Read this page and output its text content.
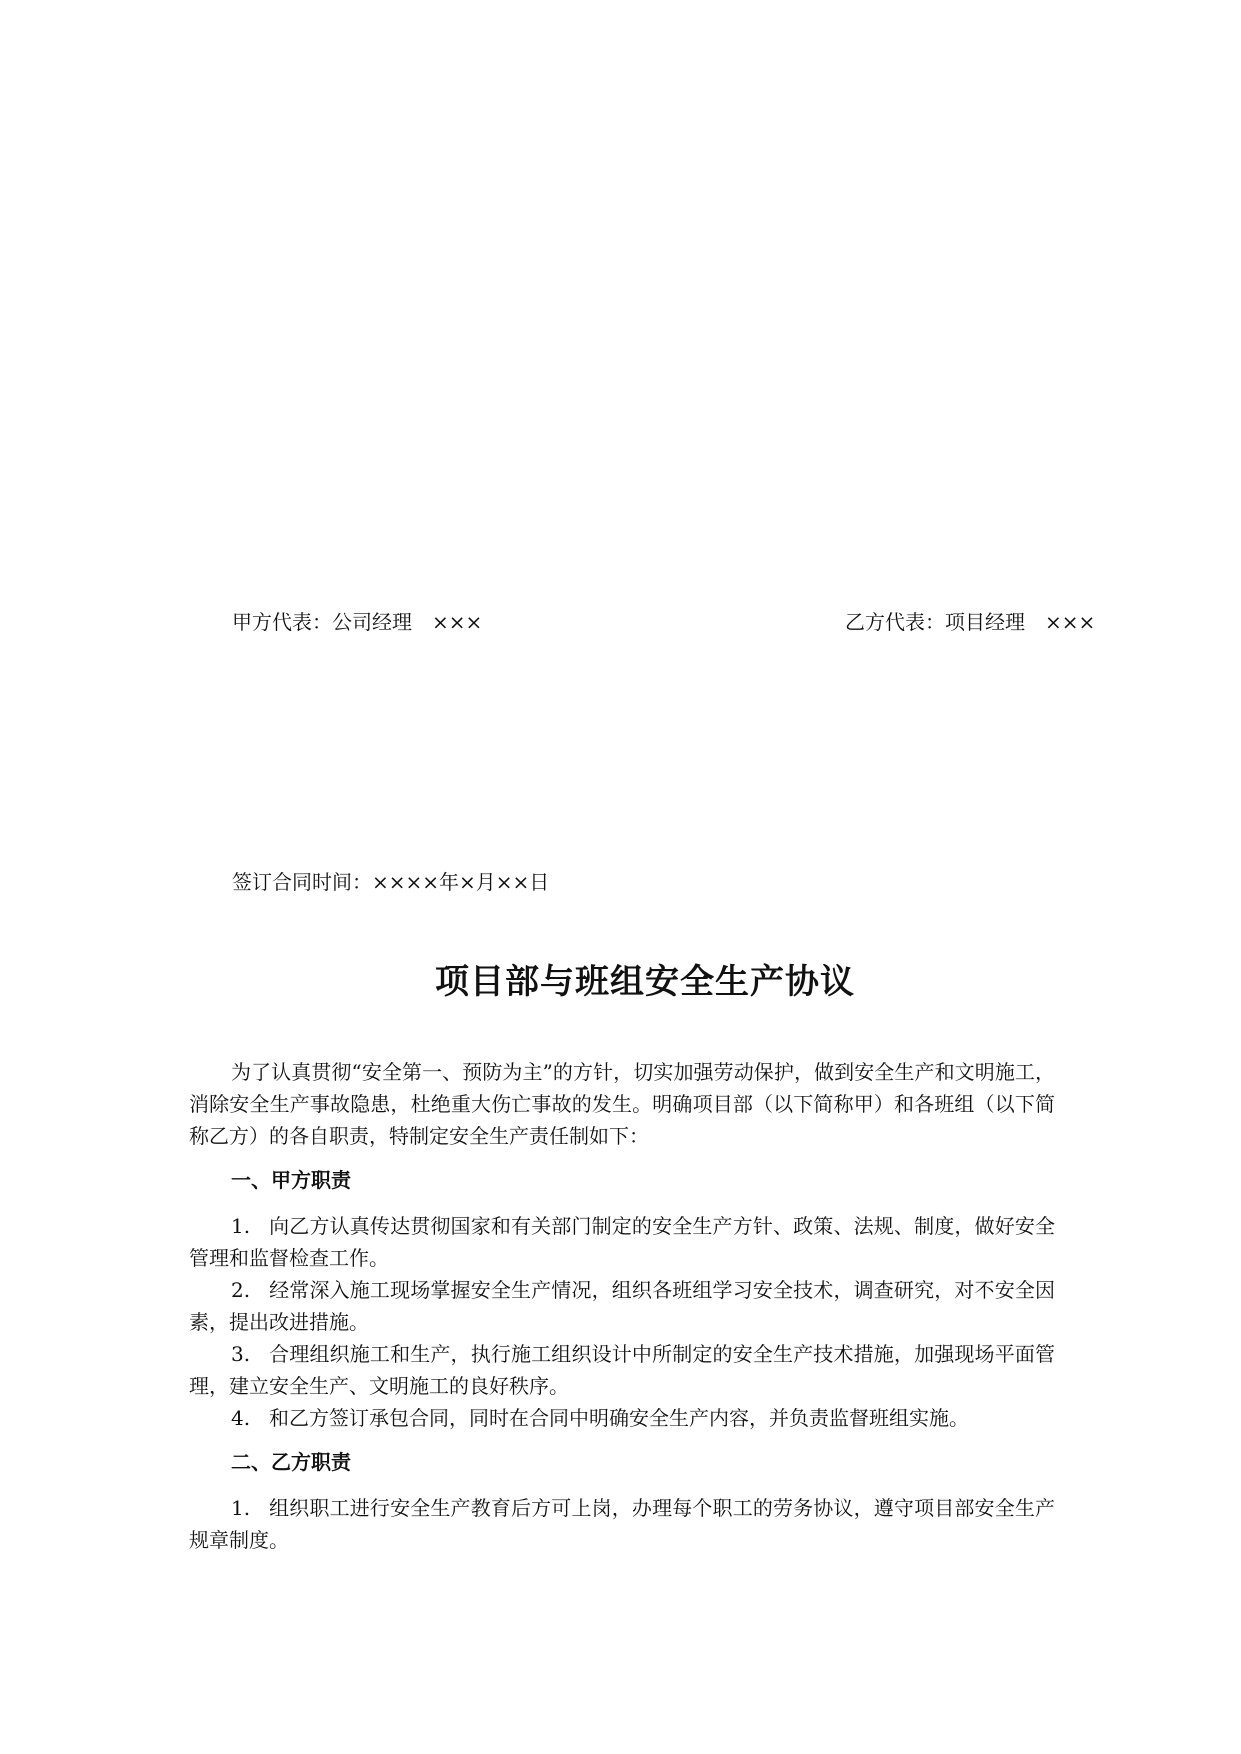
甲方代表：公司经理　×××	乙方代表：项目经理　×××
签订合同时间：××××年×月××日
项目部与班组安全生产协议

为了认真贯彻“安全第一、预防为主”的方针，切实加强劳动保护，做到安全生产和文明施工，消除安全生产事故隐患，杜绝重大伤亡事故的发生。明确项目部（以下简称甲）和各班组（以下简称乙方）的各自职责，特制定安全生产责任制如下：

一、甲方职责

1. 向乙方认真传达贯彻国家和有关部门制定的安全生产方针、政策、法规、制度，做好安全管理和监督检查工作。

2. 经常深入施工现场掌握安全生产情况，组织各班组学习安全技术，调查研究，对不安全因素，提出改进措施。

3. 合理组织施工和生产，执行施工组织设计中所制定的安全生产技术措施，加强现场平面管理，建立安全生产、文明施工的良好秩序。

4. 和乙方签订承包合同，同时在合同中明确安全生产内容，并负责监督班组实施。

二、乙方职责

1. 组织职工进行安全生产教育后方可上岗，办理每个职工的劳务协议，遵守项目部安全生产规章制度。
